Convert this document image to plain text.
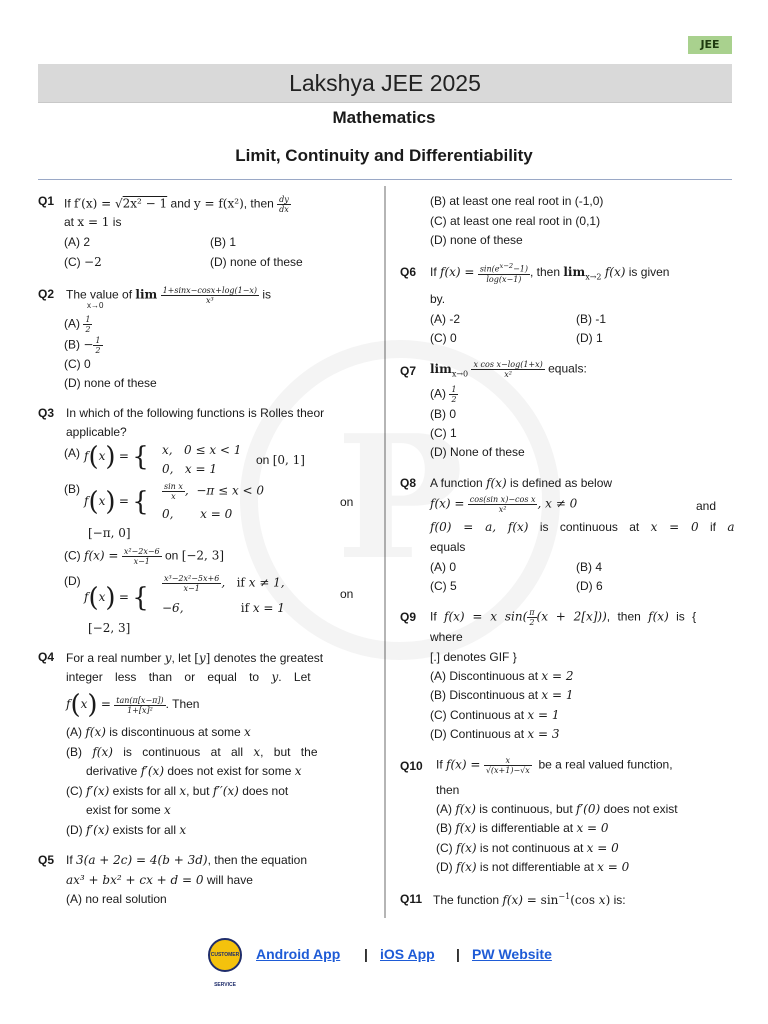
JEE
Lakshya JEE 2025
Mathematics
Limit, Continuity and Differentiability
Q1 If f′(x) = √2x² − 1 and y = f(x²), then $\frac{dy}{dx}$
at x = 1 is
(A) 2	(B) 1
(C) −2	(D) none of these
Q2 The value of $\lim \frac{1+\sin x-\cos x+\log(1-x)}{\text{x³}}$ is
x→0
$(A) \frac{1}{2}$
$(B) - \frac{1}{2}$
(C) 0
(D) none of these
Q3 In which of the following functions is Rolles theor
applicable?
(A) f(x) = { x,   0 ≤ x < 1
0,   x = 1
on [0, 1]
(B)
f(x) = { $\frac{\text{sin x}}{x}$ ,  −π ≤ x < 0
0,       x = 0
on
[−π, 0]
(C) $f(x) = \frac{\text{x²−2x−6}}{x-1}$ on [−2, 3]
(D)
f(x) = { $\frac{\text{x³−2x²−5x+6}}{x-1}$ ,   if x ≠ 1,
−6,               if x = 1
on
[−2, 3]
Q4 For a real number y, let [y] denotes the greatest
integer less than or equal to y. Let
$f(x) = \frac{\tan(\pi[x-\pi])}{\text{1+[x]²}}$ . Then
(A) f(x) is discontinuous at some x
(B) f(x) is continuous at all x, but the
derivative f′(x) does not exist for some x
(C) f′(x) exists for all x, but f′′(x) does not
exist for some x
(D) f′(x) exists for all x
Q5 If 3(a + 2c) = 4(b + 3d), then the equation
ax³ + bx² + cx + d = 0 will have
(A) no real solution
(B) at least one real root in (-1,0)
(C) at least one real root in (0,1)
(D) none of these
Q6 If $f(x) = \frac{\sin(e^{x-2}-1)}{\log(x-1)}$ , then $\lim_{x\to 2} f(x)$ is given
by.
(A) -2	(B) -1
(C) 0	(D) 1
Q7 $\lim_{x\to 0} \frac{\text{x cos x−log(1+x)}}{\text{x²}}$ equals:
$(A) \frac{1}{2}$
(B) 0
(C) 1
(D) None of these
Q8 A function f(x) is defined as below
$f(x) = \frac{\text{cos(sin x)−cos x}}{\text{x²}}$ , x ≠ 0	and
f(0) = a, f(x) is continuous at x = 0 if a
equals
(A) 0	(B) 4
(C) 5	(D) 6
Q9 If f(x) = x $\sin( \frac{\pi}{2} (x + 2[x]))$, then f(x) is {
where
[.] denotes GIF }
(A) Discontinuous at x = 2
(B) Discontinuous at x = 1
(C) Continuous at x = 1
(D) Continuous at x = 3
Q10 If $f(x) = \frac{x}{√(x+1)-√x}$ be a real valued function,
then
(A) f(x) is continuous, but f′(0) does not exist
(B) f(x) is differentiable at x = 0
(C) f(x) is not continuous at x = 0
(D) f(x) is not differentiable at x = 0
Q11 The function $f(x) = \sin^{-1}(\cos$ x) is:
CUSTOMER SERVICE
Android App | iOS App | PW Website
